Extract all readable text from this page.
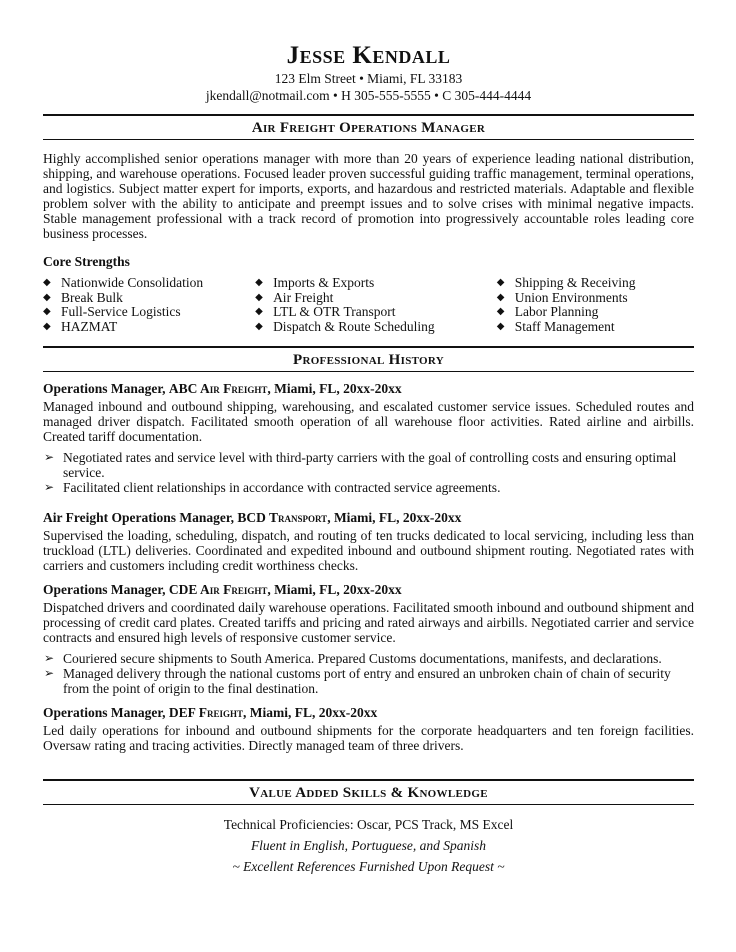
Jesse Kendall
123 Elm Street • Miami, FL 33183
jkendall@notmail.com • H 305-555-5555 • C 305-444-4444
Air Freight Operations Manager

Highly accomplished senior operations manager with more than 20 years of experience leading national distribution, shipping, and warehouse operations. Focused leader proven successful guiding traffic management, terminal operations, and logistics. Subject matter expert for imports, exports, and hazardous and restricted materials. Adaptable and flexible problem solver with the ability to anticipate and preempt issues and to solve crises with minimal negative impacts. Stable management professional with a track record of promotion into progressively accountable roles leading core business processes.

Core Strengths
◆ Nationwide Consolidation
◆ Break Bulk
◆ Full-Service Logistics
◆ HAZMAT
◆ Imports & Exports
◆ Air Freight
◆ LTL & OTR Transport
◆ Dispatch & Route Scheduling
◆ Shipping & Receiving
◆ Union Environments
◆ Labor Planning
◆ Staff Management
Professional History
Operations Manager, ABC Air Freight, Miami, FL, 20xx-20xx

Managed inbound and outbound shipping, warehousing, and escalated customer service issues. Scheduled routes and managed driver dispatch. Facilitated smooth operation of all warehouse floor activities. Rated airline and airbills. Created tariff documentation.

➢ Negotiated rates and service level with third-party carriers with the goal of controlling costs and ensuring optimal service.
➢ Facilitated client relationships in accordance with contracted service agreements.
Air Freight Operations Manager, BCD Transport, Miami, FL, 20xx-20xx

Supervised the loading, scheduling, dispatch, and routing of ten trucks dedicated to local servicing, including less than truckload (LTL) deliveries. Coordinated and expedited inbound and outbound shipment routing. Negotiated rates with carriers and customers including credit worthiness checks.

Operations Manager, CDE Air Freight, Miami, FL, 20xx-20xx

Dispatched drivers and coordinated daily warehouse operations. Facilitated smooth inbound and outbound shipment and processing of credit card plates. Created tariffs and pricing and rated airways and airbills. Negotiated carrier and service contracts and ensured high levels of responsive customer service.

➢ Couriered secure shipments to South America. Prepared Customs documentations, manifests, and declarations.
➢ Managed delivery through the national customs port of entry and ensured an unbroken chain of chain of security from the point of origin to the final destination.
Operations Manager, DEF Freight, Miami, FL, 20xx-20xx

Led daily operations for inbound and outbound shipments for the corporate headquarters and ten foreign facilities. Oversaw rating and tracing activities. Directly managed team of three drivers.

Value Added Skills & Knowledge
Technical Proficiencies: Oscar, PCS Track, MS Excel
Fluent in English, Portuguese, and Spanish
~ Excellent References Furnished Upon Request ~
